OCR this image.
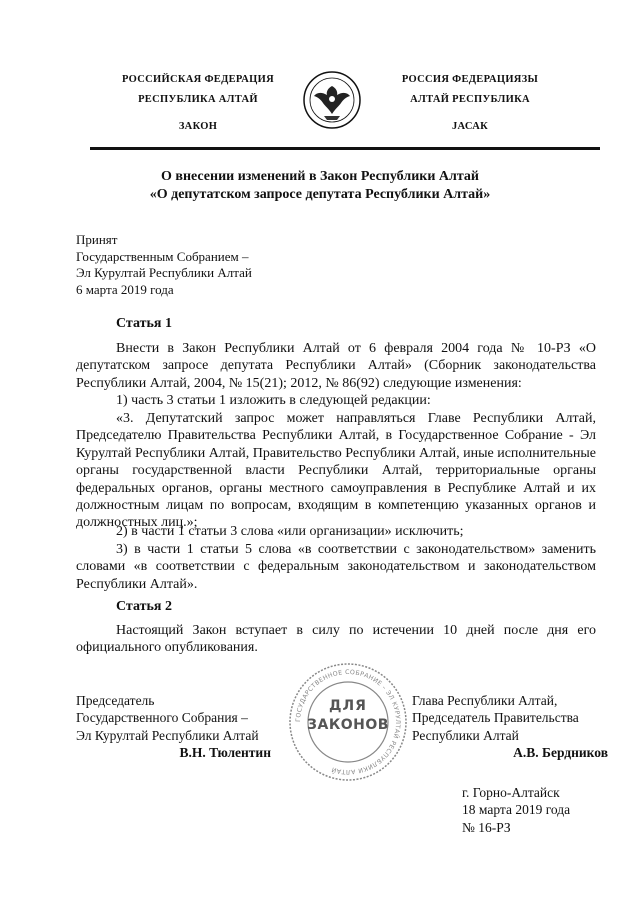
РОССИЙСКАЯ ФЕДЕРАЦИЯ
РЕСПУБЛИКА АЛТАЙ
ЗАКОН
РОССИЯ ФЕДЕРАЦИЯЗЫ
АЛТАЙ РЕСПУБЛИКА
JАСАК
О внесении изменений в Закон Республики Алтай
«О депутатском запросе депутата Республики Алтай»
Принят
Государственным Собранием –
Эл Курултай Республики Алтай
6 марта 2019 года
Статья 1
Внести в Закон Республики Алтай от 6 февраля 2004 года № 10-РЗ «О депутатском запросе депутата Республики Алтай» (Сборник законодательства Республики Алтай, 2004, № 15(21); 2012, № 86(92) следующие изменения:
1) часть 3 статьи 1 изложить в следующей редакции:
«3. Депутатский запрос может направляться Главе Республики Алтай, Председателю Правительства Республики Алтай, в Государственное Собрание - Эл Курултай Республики Алтай, Правительство Республики Алтай, иные исполнительные органы государственной власти Республики Алтай, территориальные органы федеральных органов, органы местного самоуправления в Республике Алтай и их должностным лицам по вопросам, входящим в компетенцию указанных органов и должностных лиц.»;
2) в части 1 статьи 3 слова «или организации» исключить;
3) в части 1 статьи 5 слова «в соответствии с законодательством» заменить словами «в соответствии с федеральным законодательством и законодательством Республики Алтай».
Статья 2
Настоящий Закон вступает в силу по истечении 10 дней после дня его официального опубликования.
Председатель
Государственного Собрания –
Эл Курултай Республики Алтай
В.Н. Тюлентин
ГОСУДАРСТВЕННОЕ СОБРАНИЕ – ЭЛ КУРУЛТАЙ РЕСПУБЛИКИ АЛТАЙ
ДЛЯ
ЗАКОНОВ
Глава Республики Алтай,
Председатель Правительства
Республики Алтай
А.В. Бердников
г. Горно-Алтайск
18 марта 2019 года
№ 16-РЗ
